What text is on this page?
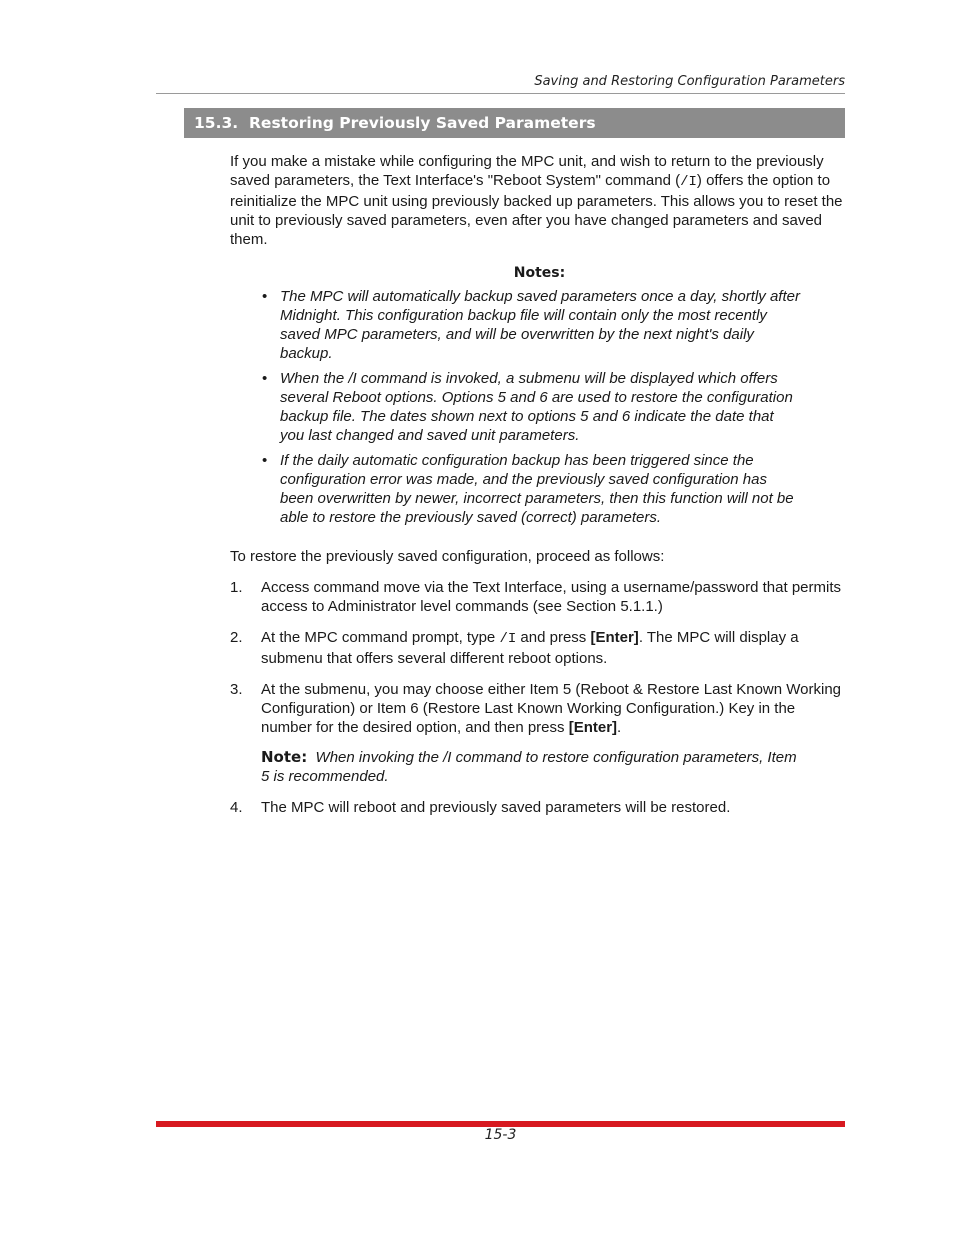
Saving and Restoring Configuration Parameters
15.3. Restoring Previously Saved Parameters

If you make a mistake while configuring the MPC unit, and wish to return to the previously saved parameters, the Text Interface's "Reboot System" command (/I) offers the option to reinitialize the MPC unit using previously backed up parameters. This allows you to reset the unit to previously saved parameters, even after you have changed parameters and saved them.

Notes:
• The MPC will automatically backup saved parameters once a day, shortly after Midnight. This configuration backup file will contain only the most recently saved MPC parameters, and will be overwritten by the next night's daily backup.
• When the /I command is invoked, a submenu will be displayed which offers several Reboot options. Options 5 and 6 are used to restore the configuration backup file. The dates shown next to options 5 and 6 indicate the date that you last changed and saved unit parameters.
• If the daily automatic configuration backup has been triggered since the configuration error was made, and the previously saved configuration has been overwritten by newer, incorrect parameters, then this function will not be able to restore the previously saved (correct) parameters.

To restore the previously saved configuration, proceed as follows:

1. Access command move via the Text Interface, using a username/password that permits access to Administrator level commands (see Section 5.1.1.)
2. At the MPC command prompt, type /I and press [Enter]. The MPC will display a submenu that offers several different reboot options.
3. At the submenu, you may choose either Item 5 (Reboot & Restore Last Known Working Configuration) or Item 6 (Restore Last Known Working Configuration.) Key in the number for the desired option, and then press [Enter].
Note: When invoking the /I command to restore configuration parameters, Item 5 is recommended.
4. The MPC will reboot and previously saved parameters will be restored.
15-3
